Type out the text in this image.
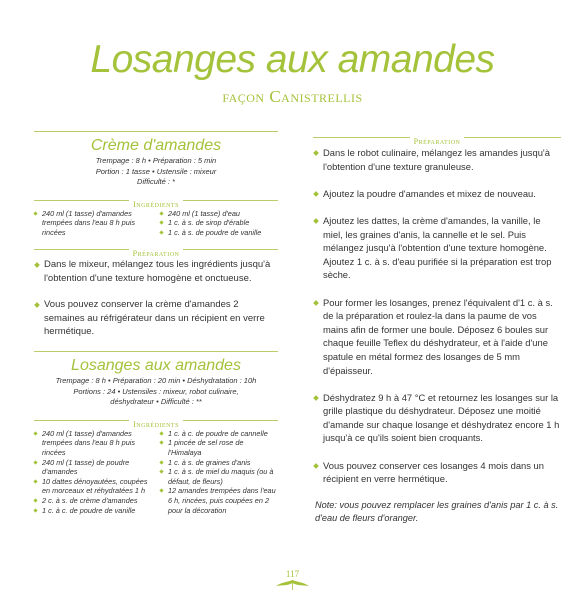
Losanges aux amandes
façon Canistrellis
Crème d'amandes
Trempage : 8 h • Préparation : 5 min
Portion : 1 tasse • Ustensile : mixeur
Difficulté : *
Ingrédients
240 ml (1 tasse) d'amandes trempées dans l'eau 8 h puis rincées
240 ml (1 tasse) d'eau
1 c. à s. de sirop d'érable
1 c. à s. de poudre de vanille
Préparation

Dans le mixeur, mélangez tous les ingrédients jusqu'à l'obtention d'une texture homogène et onctueuse.

Vous pouvez conserver la crème d'amandes 2 semaines au réfrigérateur dans un récipient en verre hermétique.

Losanges aux amandes
Trempage : 8 h • Préparation : 20 min • Déshydratation : 10h
Portions : 24 • Ustensiles : mixeur, robot culinaire,
déshydrateur • Difficulté : **
Ingrédients
240 ml (1 tasse) d'amandes trempées dans l'eau 8 h puis rincées
240 ml (1 tasse) de poudre d'amandes
10 dattes dénoyautées, coupées en morceaux et réhydratées 1 h
2 c. à s. de crème d'amandes
1 c. à c. de poudre de vanille
1 c. à c. de poudre de cannelle
1 pincée de sel rose de l'Himalaya
1 c. à s. de graines d'anis
1 c. à s. de miel du maquis (ou à défaut, de fleurs)
12 amandes trempées dans l'eau 6 h, rincées, puis coupées en 2 pour la décoration
Préparation

Dans le robot culinaire, mélangez les amandes jusqu'à l'obtention d'une texture granuleuse.

Ajoutez la poudre d'amandes et mixez de nouveau.

Ajoutez les dattes, la crème d'amandes, la vanille, le miel, les graines d'anis, la cannelle et le sel. Puis mélangez jusqu'à l'obtention d'une texture homogène. Ajoutez 1 c. à s. d'eau purifiée si la préparation est trop sèche.

Pour former les losanges, prenez l'équivalent d'1 c. à s. de la préparation et roulez-la dans la paume de vos mains afin de former une boule. Déposez 6 boules sur chaque feuille Teflex du déshydrateur, et à l'aide d'une spatule en métal formez des losanges de 5 mm d'épaisseur.

Déshydratez 9 h à 47 °C et retournez les losanges sur la grille plastique du déshydrateur. Déposez une moitié d'amande sur chaque losange et déshydratez encore 1 h jusqu'à ce qu'ils soient bien croquants.

Vous pouvez conserver ces losanges 4 mois dans un récipient en verre hermétique.

Note: vous pouvez remplacer les graines d'anis par 1 c. à s. d'eau de fleurs d'oranger.
117
